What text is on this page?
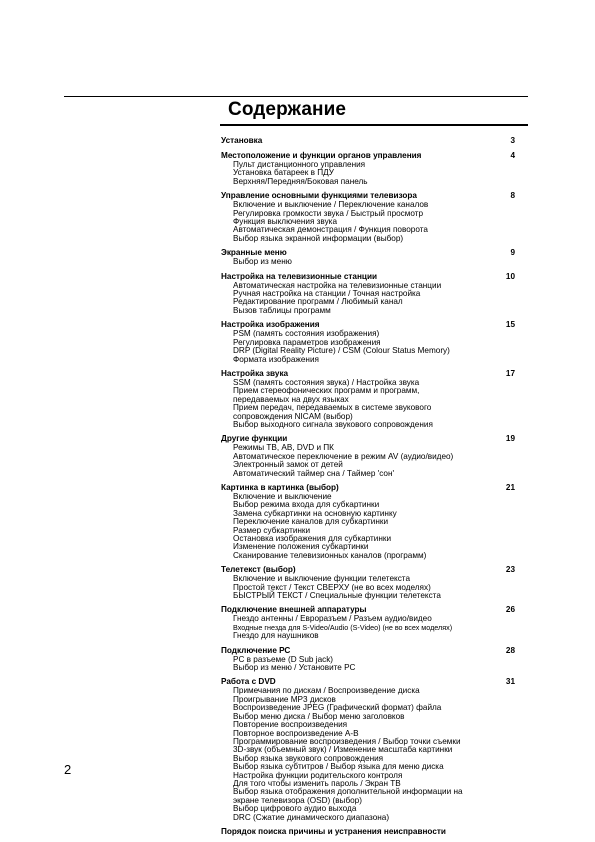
Содержание
Установка	3
Местоположение и функции органов управления	4
Пульт дистанционного управления
Установка батареек в ПДУ
Верхняя/Передняя/Боковая панель
Управление основными функциями телевизора	8
Включение и выключение / Переключение каналов
Регулировка громкости звука / Быстрый просмотр
Функция выключения звука
Автоматическая демонстрация / Функция поворота
Выбор языка экранной информации (выбор)
Экранные меню	9
Выбор из меню
Настройка на телевизионные станции	10
Автоматическая настройка на телевизионные станции
Ручная настройка на станции / Точная настройка
Редактирование программ / Любимый канал
Вызов таблицы программ
Настройка изображения	15
PSM (память состояния изображения)
Регулировка параметров изображения
DRP (Digital Reality Picture) / CSM (Colour Status Memory)
Формата изображения
Настройка звука	17
SSM (память состояния звука) / Настройка звука
Прием стереофонических программ и программ,
передаваемых на двух языках
Прием передач, передаваемых в системе звукового
сопровождения NICAM (выбор)
Выбор выходного сигнала звукового сопровождения
Другие функции	19
Режимы ТВ, AB, DVD и ПК
Автоматическое переключение в режим AV (аудио/видео)
Электронный замок от детей
Автоматический таймер сна / Таймер 'сон'
Картинка в картинка (выбор)	21
Включение и выключение
Выбор режима входа для субкартинки
Замена субкартинки на основную картинку
Переключение каналов для субкартинки
Размер субкартинки
Остановка изображения для субкартинки
Изменение положения субкартинки
Сканирование телевизионных каналов (программ)
Телетекст (выбор)	23
Включение и выключение функции телетекста
Простой текст / Текст СВЕРХУ (не во всех моделях)
БЫСТРЫЙ ТЕКСТ / Специальные функции телетекста
Подключение внешней аппаратуры	26
Гнездо антенны / Евроразъем / Разъем аудио/видео
Входные гнезда для S-Video/Audio (S-Video) (не во всех моделях)
Гнездо для наушников
Подключение РС	28
PC в разъеме (D Sub jack)
Выбор из меню / Установите РС
Работа с DVD	31
Примечания по дискам / Воспроизведение диска
Проигрывание MP3 дисков
Воспроизведение JPEG (Графический формат) файла
Выбор меню диска / Выбор меню заголовков
Повторение воспроизведения
Повторное воспроизведение A-B
Программирование воспроизведения / Выбор точки съемки
3D-звук (объемный звук) / Изменение масштаба картинки
Выбор языка звукового сопровождения
Выбор языка субтитров / Выбор языка для меню диска
Настройка функции родительского контроля
Для того чтобы изменить пароль / Экран ТВ
Выбор языка отображения дополнительной информации на
экране телевизора (OSD) (выбор)
Выбор цифрового аудио выхода
DRC (Сжатие динамического диапазона)
Порядок поиска причины и устранения неисправности
2
